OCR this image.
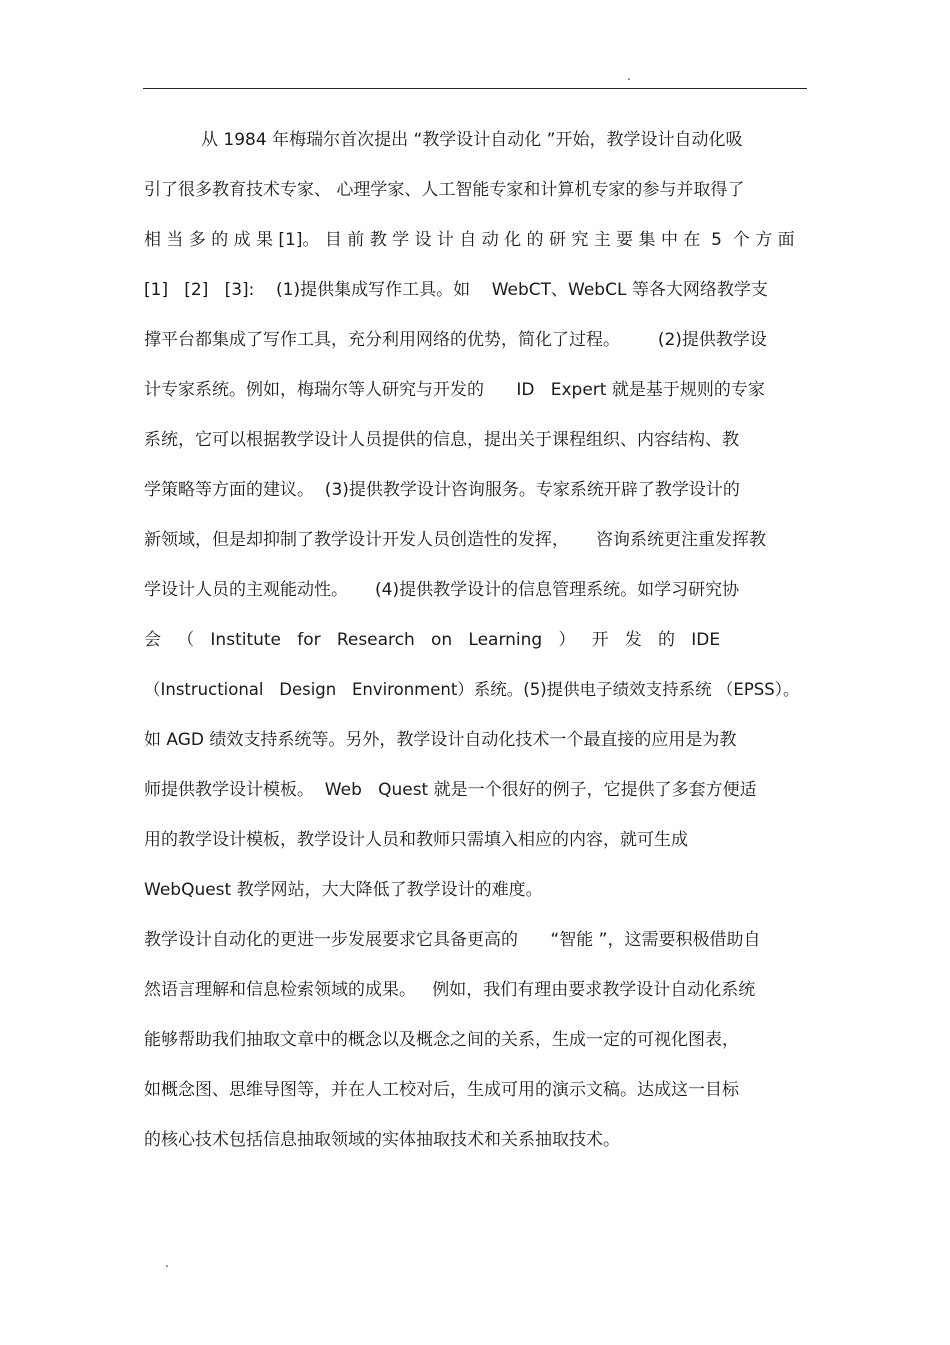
.
从 1984 年梅瑞尔首次提出 “教学设计自动化 ”开始，教学设计自动化吸
引了很多教育技术专家、 心理学家、人工智能专家和计算机专家的参与并取得了
相 当 多 的 成 果 [1]。 目 前 教 学 设 计 自 动 化 的 研 究 主 要 集 中 在  5  个 方 面
[1]   [2]   [3]:    (1)提供集成写作工具。如    WebCT、WebCL 等各大网络教学支
撑平台都集成了写作工具，充分利用网络的优势，简化了过程。       (2)提供教学设
计专家系统。例如，梅瑞尔等人研究与开发的      ID   Expert 就是基于规则的专家
系统，它可以根据教学设计人员提供的信息，提出关于课程组织、内容结构、教
学策略等方面的建议。  (3)提供教学设计咨询服务。专家系统开辟了教学设计的
新领域，但是却抑制了教学设计开发人员创造性的发挥，     咨询系统更注重发挥教
学设计人员的主观能动性。     (4)提供教学设计的信息管理系统。如学习研究协
会   （   Institute   for   Research   on   Learning   ）   开   发   的   IDE
（Instructional   Design   Environment）系统。(5)提供电子绩效支持系统 （EPSS）。
如 AGD 绩效支持系统等。另外，教学设计自动化技术一个最直接的应用是为教
师提供教学设计模板。  Web   Quest 就是一个很好的例子，它提供了多套方便适
用的教学设计模板，教学设计人员和教师只需填入相应的内容，就可生成
WebQuest 教学网站，大大降低了教学设计的难度。
教学设计自动化的更进一步发展要求它具备更高的      “智能 ”，这需要积极借助自
然语言理解和信息检索领域的成果。   例如，我们有理由要求教学设计自动化系统
能够帮助我们抽取文章中的概念以及概念之间的关系，生成一定的可视化图表，
如概念图、思维导图等，并在人工校对后，生成可用的演示文稿。达成这一目标
的核心技术包括信息抽取领域的实体抽取技术和关系抽取技术。
.
